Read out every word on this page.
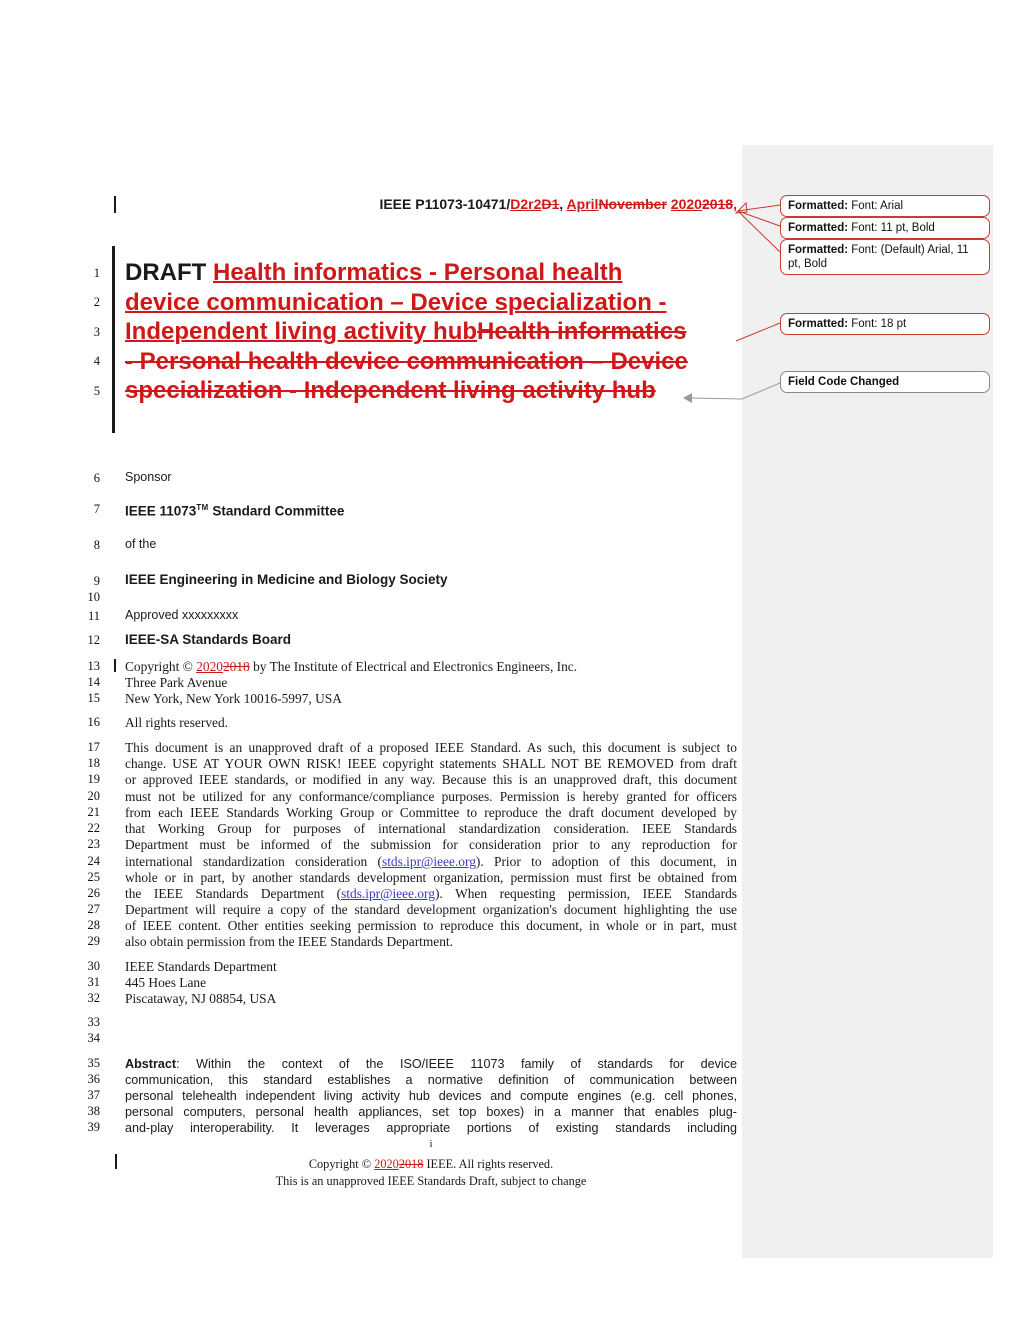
1
2
3
4
5
6
7
8
9
10
11
12
13
14
15
16
17
18
19
20
21
22
23
24
25
26
27
28
29
30
31
32
33
34
35
36
37
38
39
IEEE P11073-10471/D2r2D1, AprilNovember 20202018,
DRAFT Health informatics - Personal health
device communication – Device specialization -
Independent living activity hubHealth informatics
- Personal health device communication – Device
specialization - Independent living activity hub
Sponsor
IEEE 11073™ Standard Committee
of the
IEEE Engineering in Medicine and Biology Society
Approved xxxxxxxxx
IEEE-SA Standards Board
Copyright © 20202018 by The Institute of Electrical and Electronics Engineers, Inc.
Three Park Avenue
New York, New York 10016-5997, USA
All rights reserved.
This document is an unapproved draft of a proposed IEEE Standard. As such, this document is subject to
change. USE AT YOUR OWN RISK! IEEE copyright statements SHALL NOT BE REMOVED from draft
or approved IEEE standards, or modified in any way. Because this is an unapproved draft, this document
must not be utilized for any conformance/compliance purposes. Permission is hereby granted for officers
from each IEEE Standards Working Group or Committee to reproduce the draft document developed by
that Working Group for purposes of international standardization consideration. IEEE Standards
Department must be informed of the submission for consideration prior to any reproduction for
international standardization consideration (stds.ipr@ieee.org). Prior to adoption of this document, in
whole or in part, by another standards development organization, permission must first be obtained from
the IEEE Standards Department (stds.ipr@ieee.org). When requesting permission, IEEE Standards
Department will require a copy of the standard development organization's document highlighting the use
of IEEE content. Other entities seeking permission to reproduce this document, in whole or in part, must
also obtain permission from the IEEE Standards Department.
IEEE Standards Department
445 Hoes Lane
Piscataway, NJ 08854, USA
Abstract: Within the context of the ISO/IEEE 11073 family of standards for device
communication, this standard establishes a normative definition of communication between
personal telehealth independent living activity hub devices and compute engines (e.g. cell phones,
personal computers, personal health appliances, set top boxes) in a manner that enables plug-
and-play interoperability. It leverages appropriate portions of existing standards including
i
Copyright © 20202018 IEEE. All rights reserved.
This is an unapproved IEEE Standards Draft, subject to change
Formatted: Font: Arial
Formatted: Font: 11 pt, Bold
Formatted: Font: (Default) Arial, 11 pt, Bold
Formatted: Font: 18 pt
Field Code Changed
